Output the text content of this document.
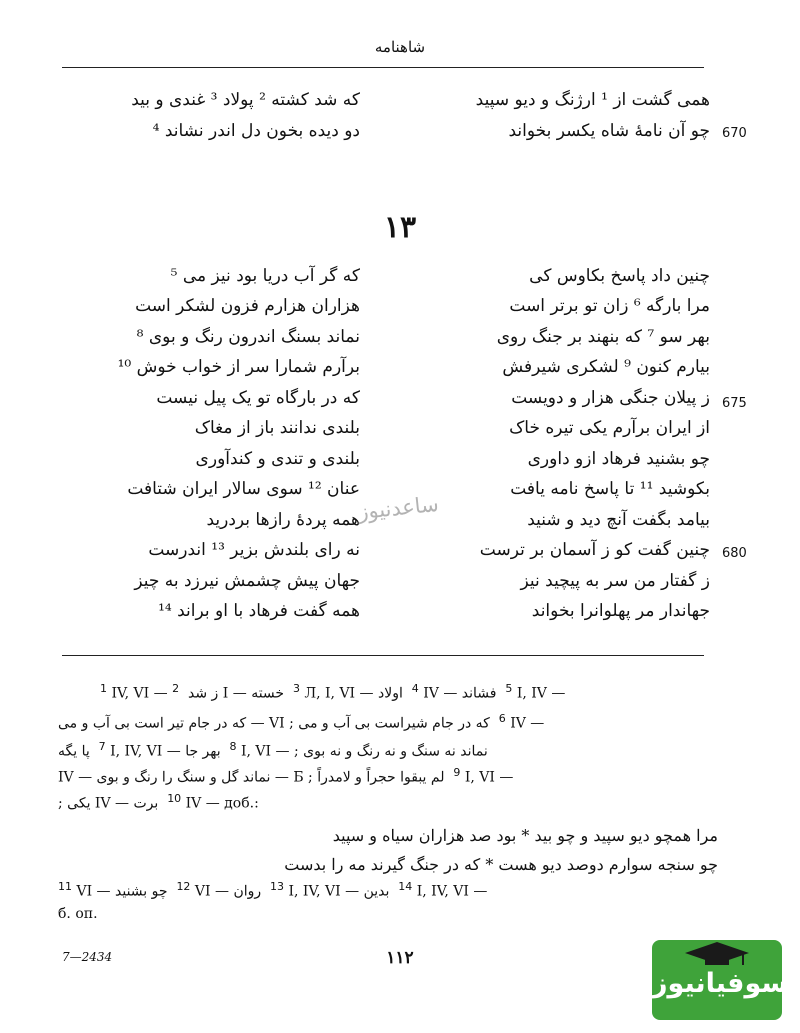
شاهنامه
همی گشت از ¹ ارژنگ و دیو سپید
که شد کشته ² پولاد ³ غندی و بید
چو آن نامهٔ شاه یکسر بخواند
دو دیده بخون دل اندر نشاند ⁴	670
۱۳
چنین داد پاسخ بکاوس کی
که گر آب دریا بود نیز می ⁵
مرا بارگه ⁶ زان تو برتر است
هزاران هزارم فزون لشکر است
بهر سو ⁷ که بنهند بر جنگ روی
نماند بسنگ اندرون رنگ و بوی ⁸
بیارم کنون ⁹ لشکری شیرفش
برآرم شمارا سر از خواب خوش ¹⁰
ز پیلان جنگی هزار و دویست
که در بارگاه تو یک پیل نیست	675
از ایران برآرم یکی تیره خاک
بلندی ندانند باز از مغاک
چو بشنید فرهاد ازو داوری
بلندی و تندی و کندآوری
بکوشید ¹¹ تا پاسخ نامه یافت
عنان ¹² سوی سالار ایران شتافت
بیامد بگفت آنچ دید و شنید
همه پردهٔ رازها بردرید
چنین گفت کو ز آسمان بر ترست
نه رای بلندش بزیر ¹³ اندرست	680
ز گفتار من سر به پیچید نیز
جهان پیش چشمش نیرزد به چیز
جهاندار مر پهلوانرا بخواند
همه گفت فرهاد با او براند ¹⁴
ساعدنیوز
$^1$ IV, VI — ز شد  $^2$	I — خسته $^3$ Л, I, VI — اولاد $^4$ IV — فشاند $^5$ I, IV —
که در جام شیراست بی آب و می ; VI — که در جام تیر است بی آب و می $^6$ IV —
پا یگه $^7$ I, IV, VI — بهر جا $^8$ I, VI — نماند نه سنگ و نه رنگ و نه بوی ;
IV — لم يبقوا حجراً و لامدراً ; Б — نماند گل و سنگ را رنگ و بوی $^9$ I, VI —
یکی ; IV — برت $^{10}$ IV — доб.:
مرا همچو دیو سپید و چو بید * بود صد هزاران سیاه و سپید
چو سنجه سوارم دوصد دیو هست * که در جنگ گیرند مه را بدست
$^{11}$ VI — چو بشنید $^{12}$ VI — روان $^{13}$ I, IV, VI — بدین $^{14}$ I, IV, VI —
б. оп.
7—2434	۱۱۲
سوفیانیوز
